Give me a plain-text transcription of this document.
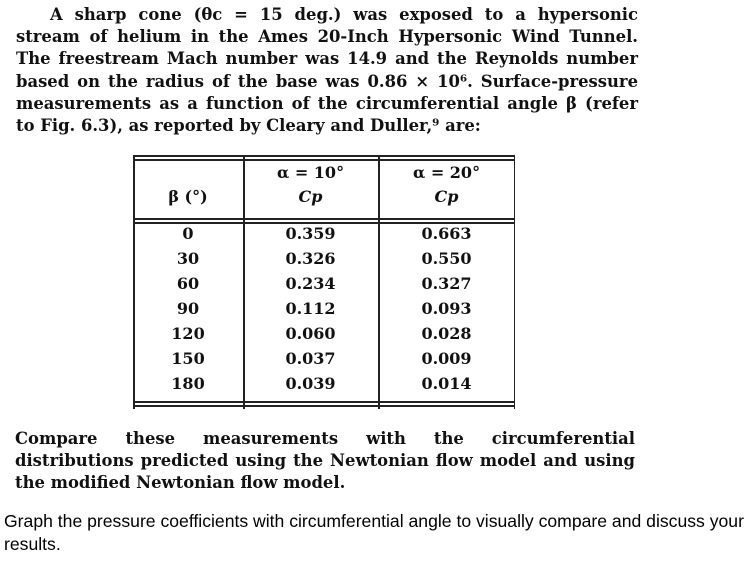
A sharp cone (θc = 15 deg.) was exposed to a hypersonic stream of helium in the Ames 20-Inch Hypersonic Wind Tunnel. The freestream Mach number was 14.9 and the Reynolds number based on the radius of the base was 0.86 × 10⁶. Surface-pressure measurements as a function of the circumferential angle β (refer to Fig. 6.3), as reported by Cleary and Duller,⁹ are:
β (°)
α = 10°
Cp
α = 20°
Cp
0
30
60
90
120
150
180
0.359
0.326
0.234
0.112
0.060
0.037
0.039
0.663
0.550
0.327
0.093
0.028
0.009
0.014
Compare these measurements with the circumferential distributions predicted using the Newtonian flow model and using the modified Newtonian flow model.
Graph the pressure coefficients with circumferential angle to visually compare and discuss your results.
